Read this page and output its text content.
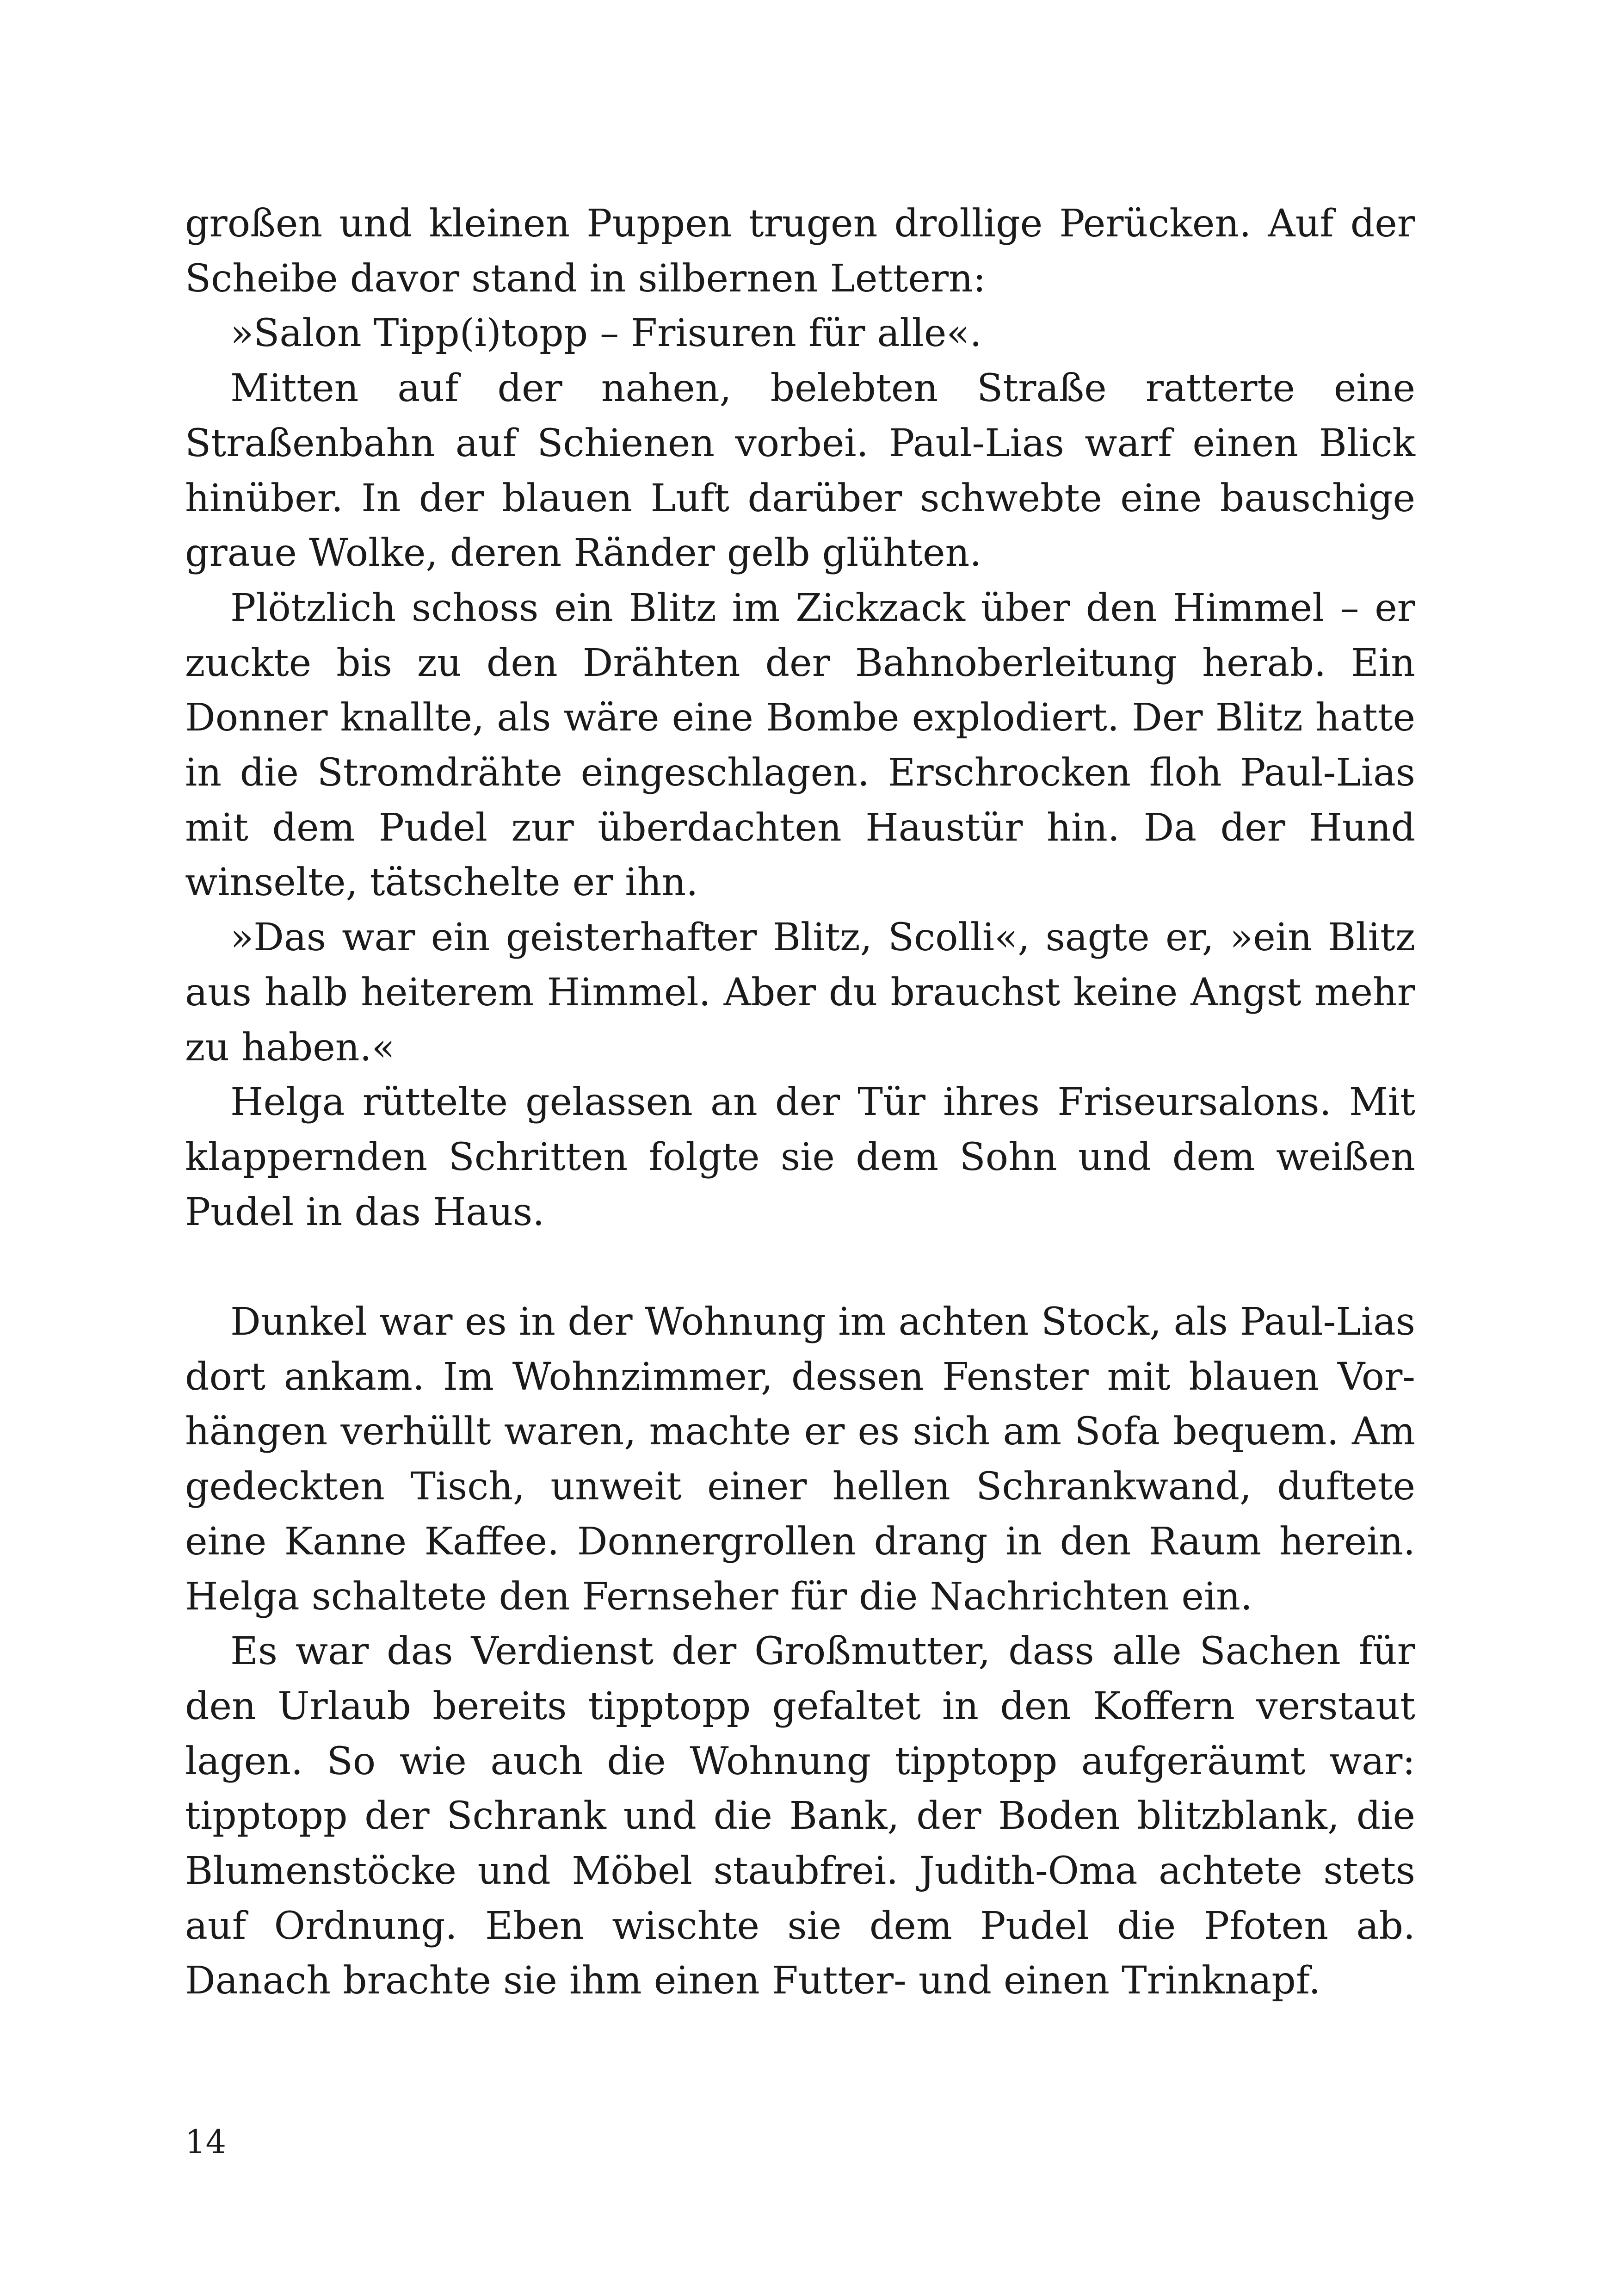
großen und kleinen Puppen trugen drollige Perücken. Auf der Scheibe davor stand in silbernen Lettern:

»Salon Tipp(i)topp – Frisuren für alle«.

Mitten auf der nahen, belebten Straße ratterte eine Straßenbahn auf Schienen vorbei. Paul-Lias warf einen Blick hinüber. In der blauen Luft darüber schwebte eine bauschige graue Wolke, deren Ränder gelb glühten.

Plötzlich schoss ein Blitz im Zickzack über den Himmel – er zuckte bis zu den Drähten der Bahnoberleitung herab. Ein Donner knallte, als wäre eine Bombe explodiert. Der Blitz hatte in die Stromdrähte eingeschlagen. Erschrocken floh Paul-Lias mit dem Pudel zur überdachten Haustür hin. Da der Hund winselte, tätschelte er ihn.

»Das war ein geisterhafter Blitz, Scolli«, sagte er, »ein Blitz aus halb heiterem Himmel. Aber du brauchst keine Angst mehr zu haben.«

Helga rüttelte gelassen an der Tür ihres Friseursalons. Mit klappernden Schritten folgte sie dem Sohn und dem weißen Pudel in das Haus.

Dunkel war es in der Wohnung im achten Stock, als Paul-Lias dort ankam. Im Wohnzimmer, dessen Fenster mit blauen Vorhängen verhüllt waren, machte er es sich am Sofa bequem. Am gedeckten Tisch, unweit einer hellen Schrankwand, duftete eine Kanne Kaffee. Donnergrollen drang in den Raum herein. Helga schaltete den Fernseher für die Nachrichten ein.

Es war das Verdienst der Großmutter, dass alle Sachen für den Urlaub bereits tipptopp gefaltet in den Koffern verstaut lagen. So wie auch die Wohnung tipptopp aufgeräumt war: tipptopp der Schrank und die Bank, der Boden blitzblank, die Blumenstöcke und Möbel staubfrei. Judith-Oma achtete stets auf Ordnung. Eben wischte sie dem Pudel die Pfoten ab. Danach brachte sie ihm einen Futter- und einen Trinknapf.

14
